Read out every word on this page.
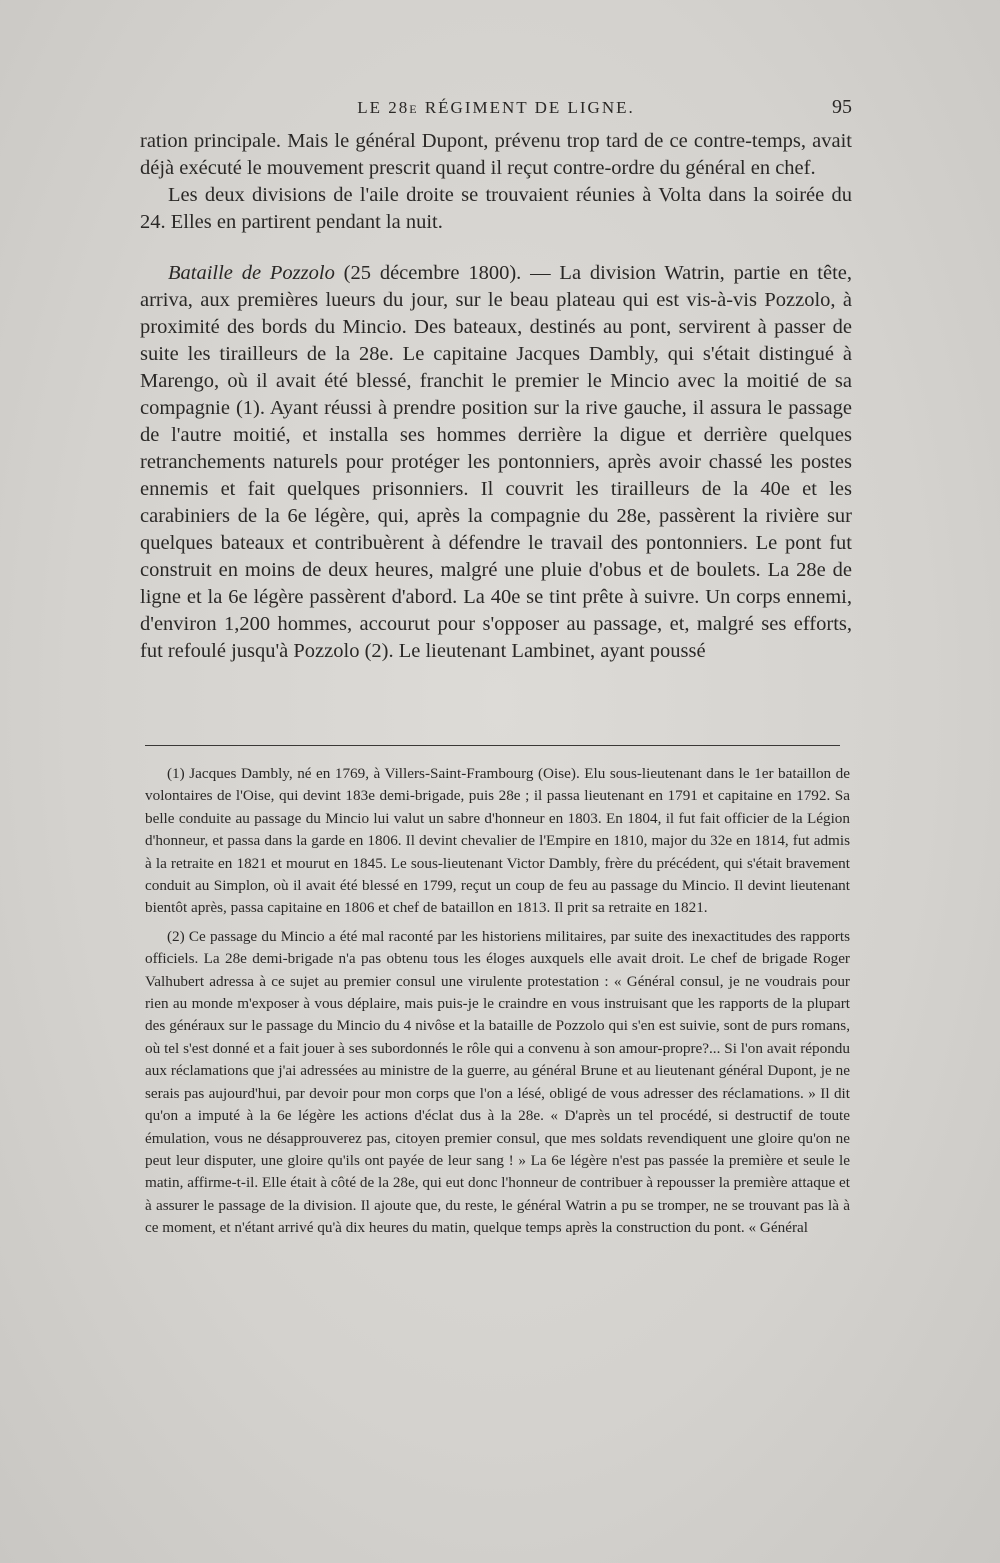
LE 28e RÉGIMENT DE LIGNE.	95

ration principale. Mais le général Dupont, prévenu trop tard de ce contre-temps, avait déjà exécuté le mouvement prescrit quand il reçut contre-ordre du général en chef.

Les deux divisions de l'aile droite se trouvaient réunies à Volta dans la soirée du 24. Elles en partirent pendant la nuit.

Bataille de Pozzolo (25 décembre 1800). — La division Watrin, partie en tête, arriva, aux premières lueurs du jour, sur le beau plateau qui est vis-à-vis Pozzolo, à proximité des bords du Mincio. Des bateaux, destinés au pont, servirent à passer de suite les tirailleurs de la 28e. Le capitaine Jacques Dambly, qui s'était distingué à Marengo, où il avait été blessé, franchit le premier le Mincio avec la moitié de sa compagnie (1). Ayant réussi à prendre position sur la rive gauche, il assura le passage de l'autre moitié, et installa ses hommes derrière la digue et derrière quelques retranchements naturels pour protéger les pontonniers, après avoir chassé les postes ennemis et fait quelques prisonniers. Il couvrit les tirailleurs de la 40e et les carabiniers de la 6e légère, qui, après la compagnie du 28e, passèrent la rivière sur quelques bateaux et contribuèrent à défendre le travail des pontonniers. Le pont fut construit en moins de deux heures, malgré une pluie d'obus et de boulets. La 28e de ligne et la 6e légère passèrent d'abord. La 40e se tint prête à suivre. Un corps ennemi, d'environ 1,200 hommes, accourut pour s'opposer au passage, et, malgré ses efforts, fut refoulé jusqu'à Pozzolo (2). Le lieutenant Lambinet, ayant poussé

(1) Jacques Dambly, né en 1769, à Villers-Saint-Frambourg (Oise). Elu sous-lieutenant dans le 1er bataillon de volontaires de l'Oise, qui devint 183e demi-brigade, puis 28e ; il passa lieutenant en 1791 et capitaine en 1792. Sa belle conduite au passage du Mincio lui valut un sabre d'honneur en 1803. En 1804, il fut fait officier de la Légion d'honneur, et passa dans la garde en 1806. Il devint chevalier de l'Empire en 1810, major du 32e en 1814, fut admis à la retraite en 1821 et mourut en 1845. Le sous-lieutenant Victor Dambly, frère du précédent, qui s'était bravement conduit au Simplon, où il avait été blessé en 1799, reçut un coup de feu au passage du Mincio. Il devint lieutenant bientôt après, passa capitaine en 1806 et chef de bataillon en 1813. Il prit sa retraite en 1821.

(2) Ce passage du Mincio a été mal raconté par les historiens militaires, par suite des inexactitudes des rapports officiels. La 28e demi-brigade n'a pas obtenu tous les éloges auxquels elle avait droit. Le chef de brigade Roger Valhubert adressa à ce sujet au premier consul une virulente protestation : « Général consul, je ne voudrais pour rien au monde m'exposer à vous déplaire, mais puis-je le craindre en vous instruisant que les rapports de la plupart des généraux sur le passage du Mincio du 4 nivôse et la bataille de Pozzolo qui s'en est suivie, sont de purs romans, où tel s'est donné et a fait jouer à ses subordonnés le rôle qui a convenu à son amour-propre?... Si l'on avait répondu aux réclamations que j'ai adressées au ministre de la guerre, au général Brune et au lieutenant général Dupont, je ne serais pas aujourd'hui, par devoir pour mon corps que l'on a lésé, obligé de vous adresser des réclamations. » Il dit qu'on a imputé à la 6e légère les actions d'éclat dus à la 28e. « D'après un tel procédé, si destructif de toute émulation, vous ne désapprouverez pas, citoyen premier consul, que mes soldats revendiquent une gloire qu'on ne peut leur disputer, une gloire qu'ils ont payée de leur sang ! » La 6e légère n'est pas passée la première et seule le matin, affirme-t-il. Elle était à côté de la 28e, qui eut donc l'honneur de contribuer à repousser la première attaque et à assurer le passage de la division. Il ajoute que, du reste, le général Watrin a pu se tromper, ne se trouvant pas là à ce moment, et n'étant arrivé qu'à dix heures du matin, quelque temps après la construction du pont. « Général
